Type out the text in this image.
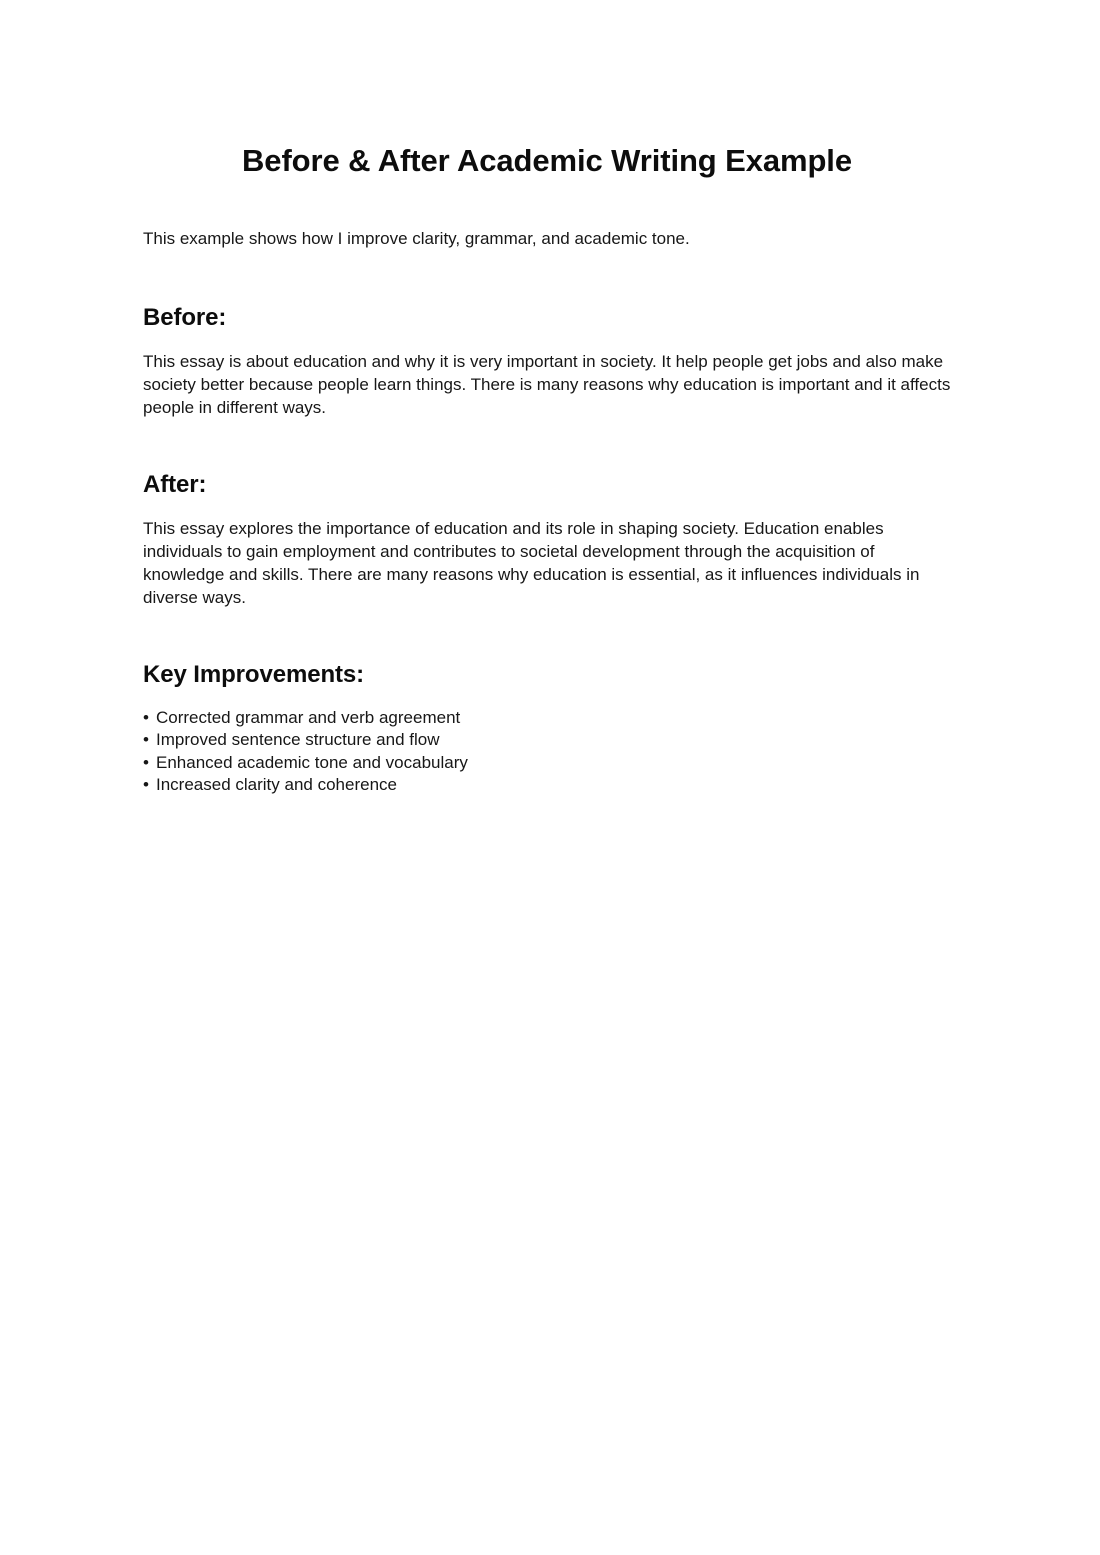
Before & After Academic Writing Example

This example shows how I improve clarity, grammar, and academic tone.

Before:

This essay is about education and why it is very important in society. It help people get jobs and also make society better because people learn things. There is many reasons why education is important and it affects people in different ways.

After:

This essay explores the importance of education and its role in shaping society. Education enables individuals to gain employment and contributes to societal development through the acquisition of knowledge and skills. There are many reasons why education is essential, as it influences individuals in diverse ways.

Key Improvements:
• Corrected grammar and verb agreement
• Improved sentence structure and flow
• Enhanced academic tone and vocabulary
• Increased clarity and coherence
